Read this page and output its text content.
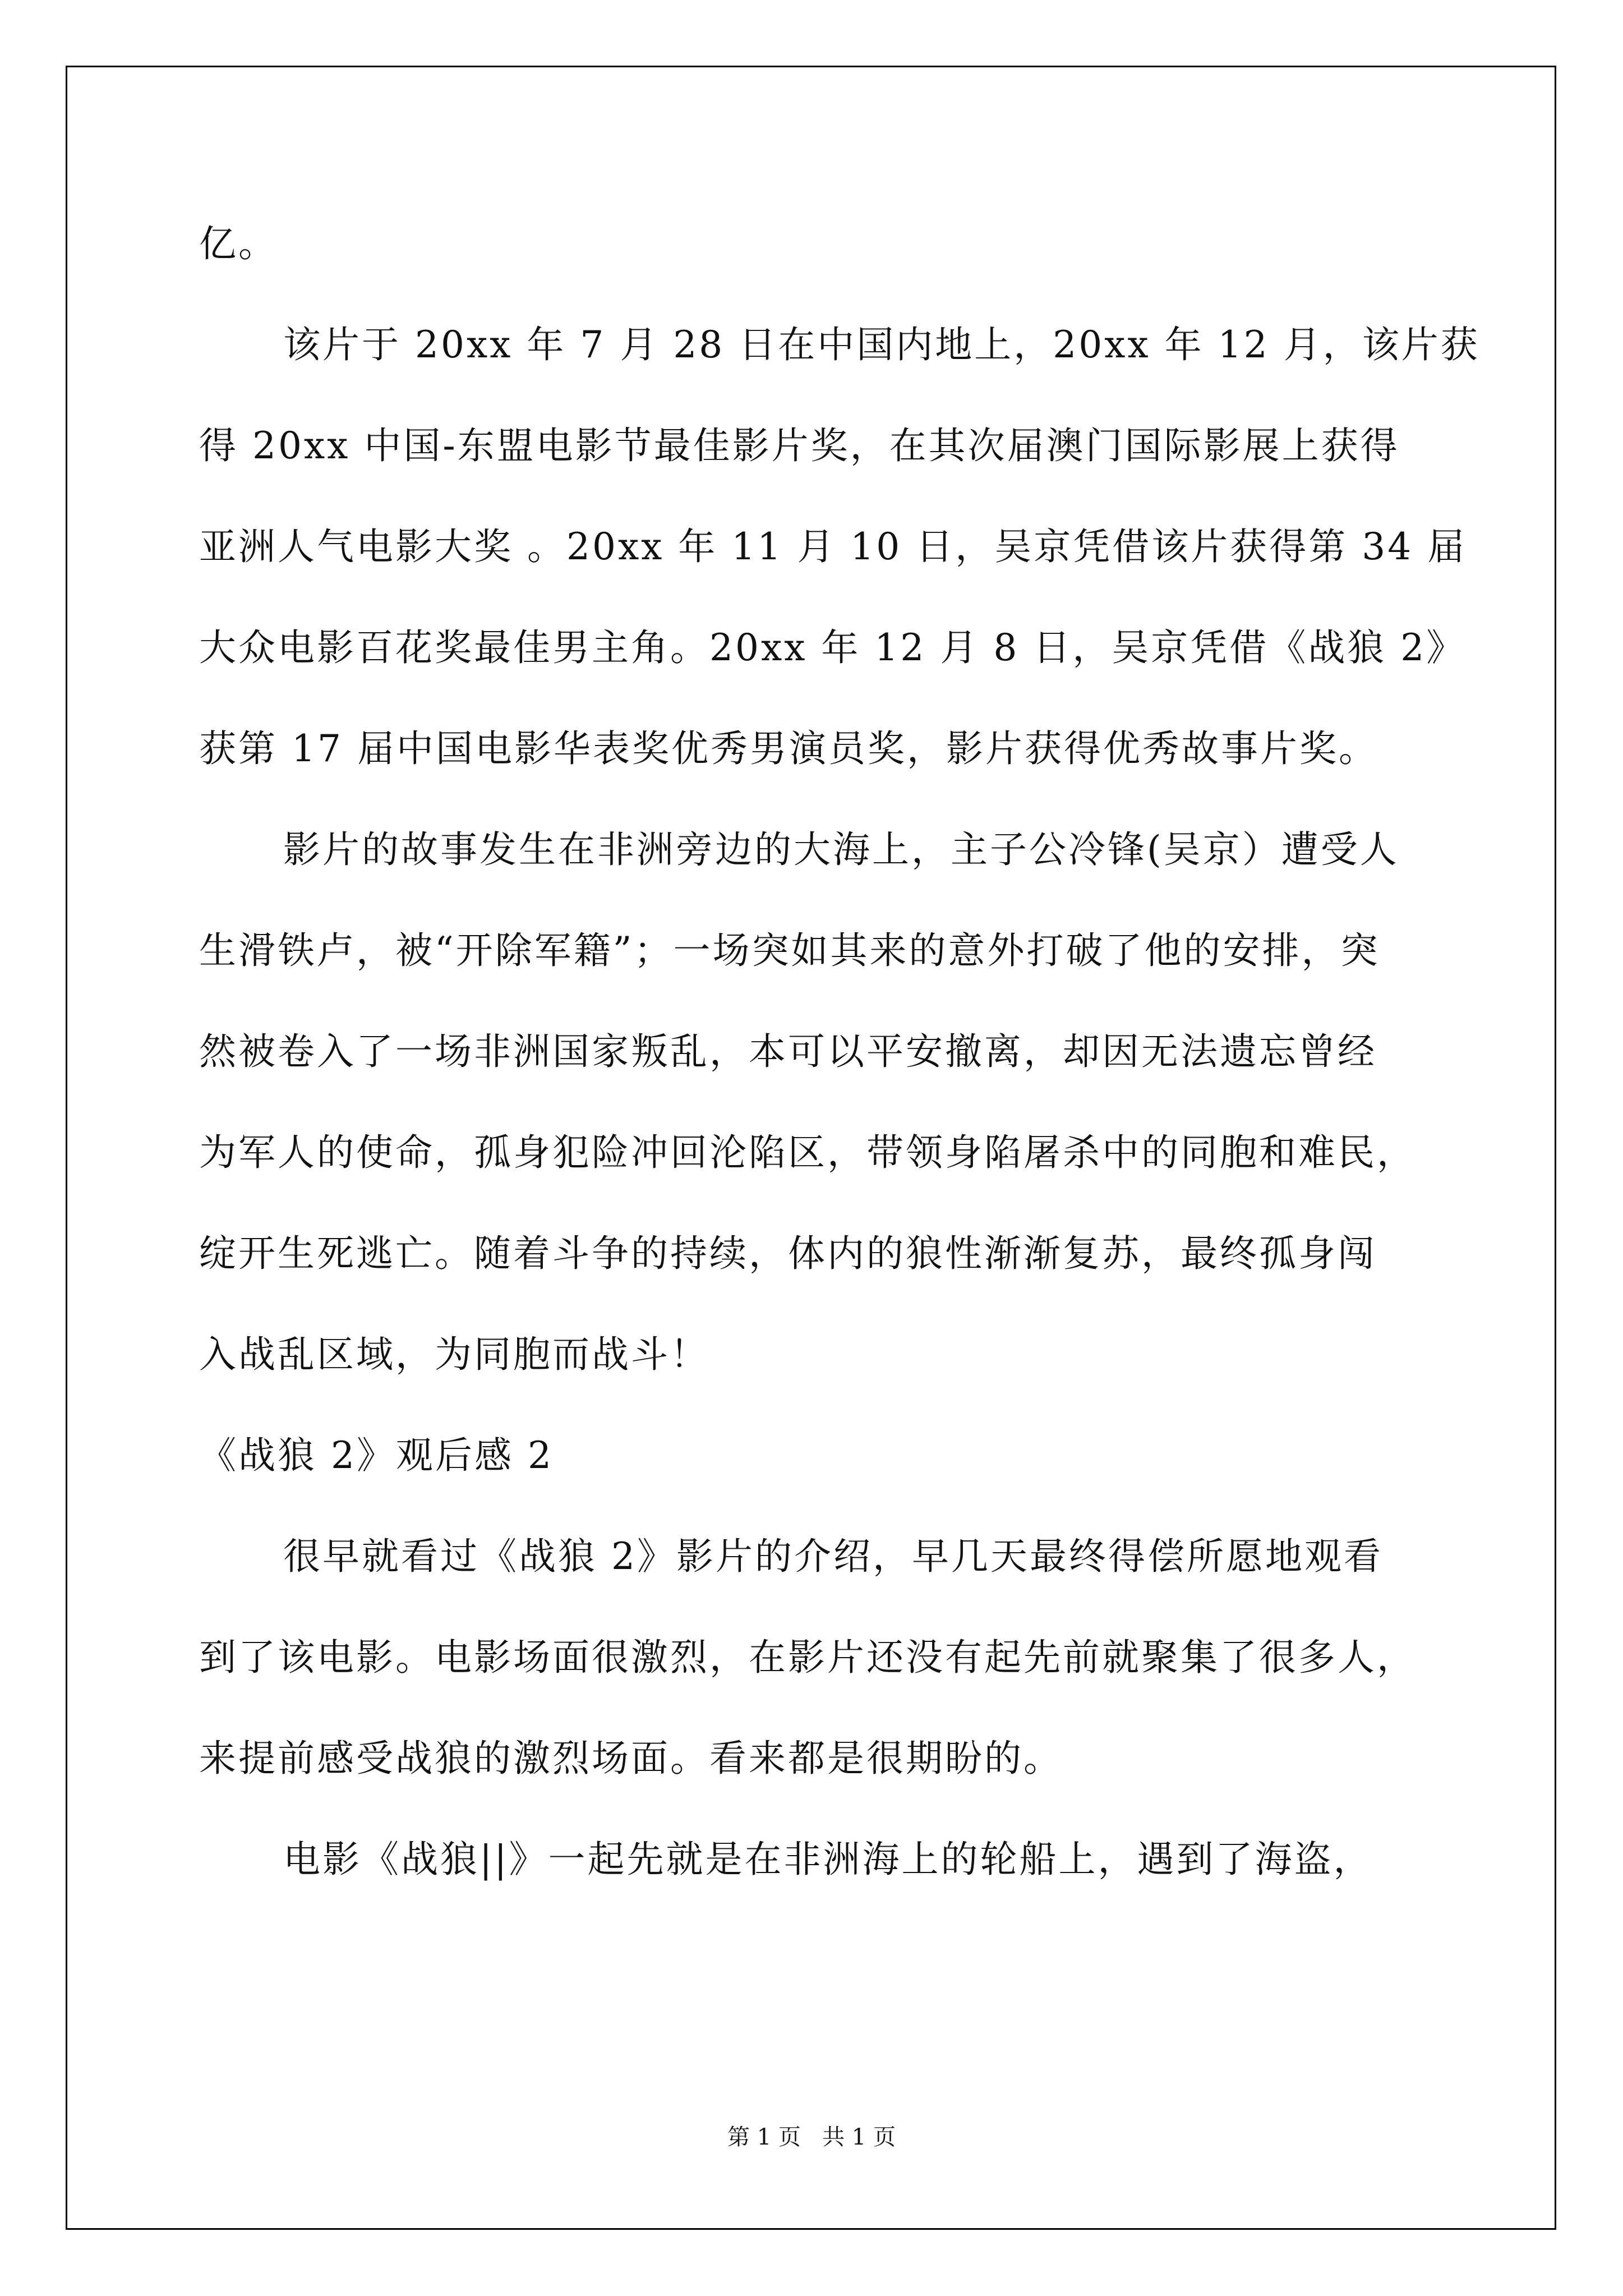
亿。
该片于 20xx 年 7 月 28 日在中国内地上，20xx 年 12 月，该片获
得 20xx 中国-东盟电影节最佳影片奖，在其次届澳门国际影展上获得
亚洲人气电影大奖 。20xx 年 11 月 10 日，吴京凭借该片获得第 34 届
大众电影百花奖最佳男主角。20xx 年 12 月 8 日，吴京凭借《战狼 2》
获第 17 届中国电影华表奖优秀男演员奖，影片获得优秀故事片奖。
影片的故事发生在非洲旁边的大海上，主子公冷锋(吴京）遭受人
生滑铁卢，被“开除军籍”；一场突如其来的意外打破了他的安排，突
然被卷入了一场非洲国家叛乱，本可以平安撤离，却因无法遗忘曾经
为军人的使命，孤身犯险冲回沦陷区，带领身陷屠杀中的同胞和难民，
绽开生死逃亡。随着斗争的持续，体内的狼性渐渐复苏，最终孤身闯
入战乱区域，为同胞而战斗！
《战狼 2》观后感 2
很早就看过《战狼 2》影片的介绍，早几天最终得偿所愿地观看
到了该电影。电影场面很激烈，在影片还没有起先前就聚集了很多人，
来提前感受战狼的激烈场面。看来都是很期盼的。
电影《战狼||》一起先就是在非洲海上的轮船上，遇到了海盗，
第 1 页   共 1 页
